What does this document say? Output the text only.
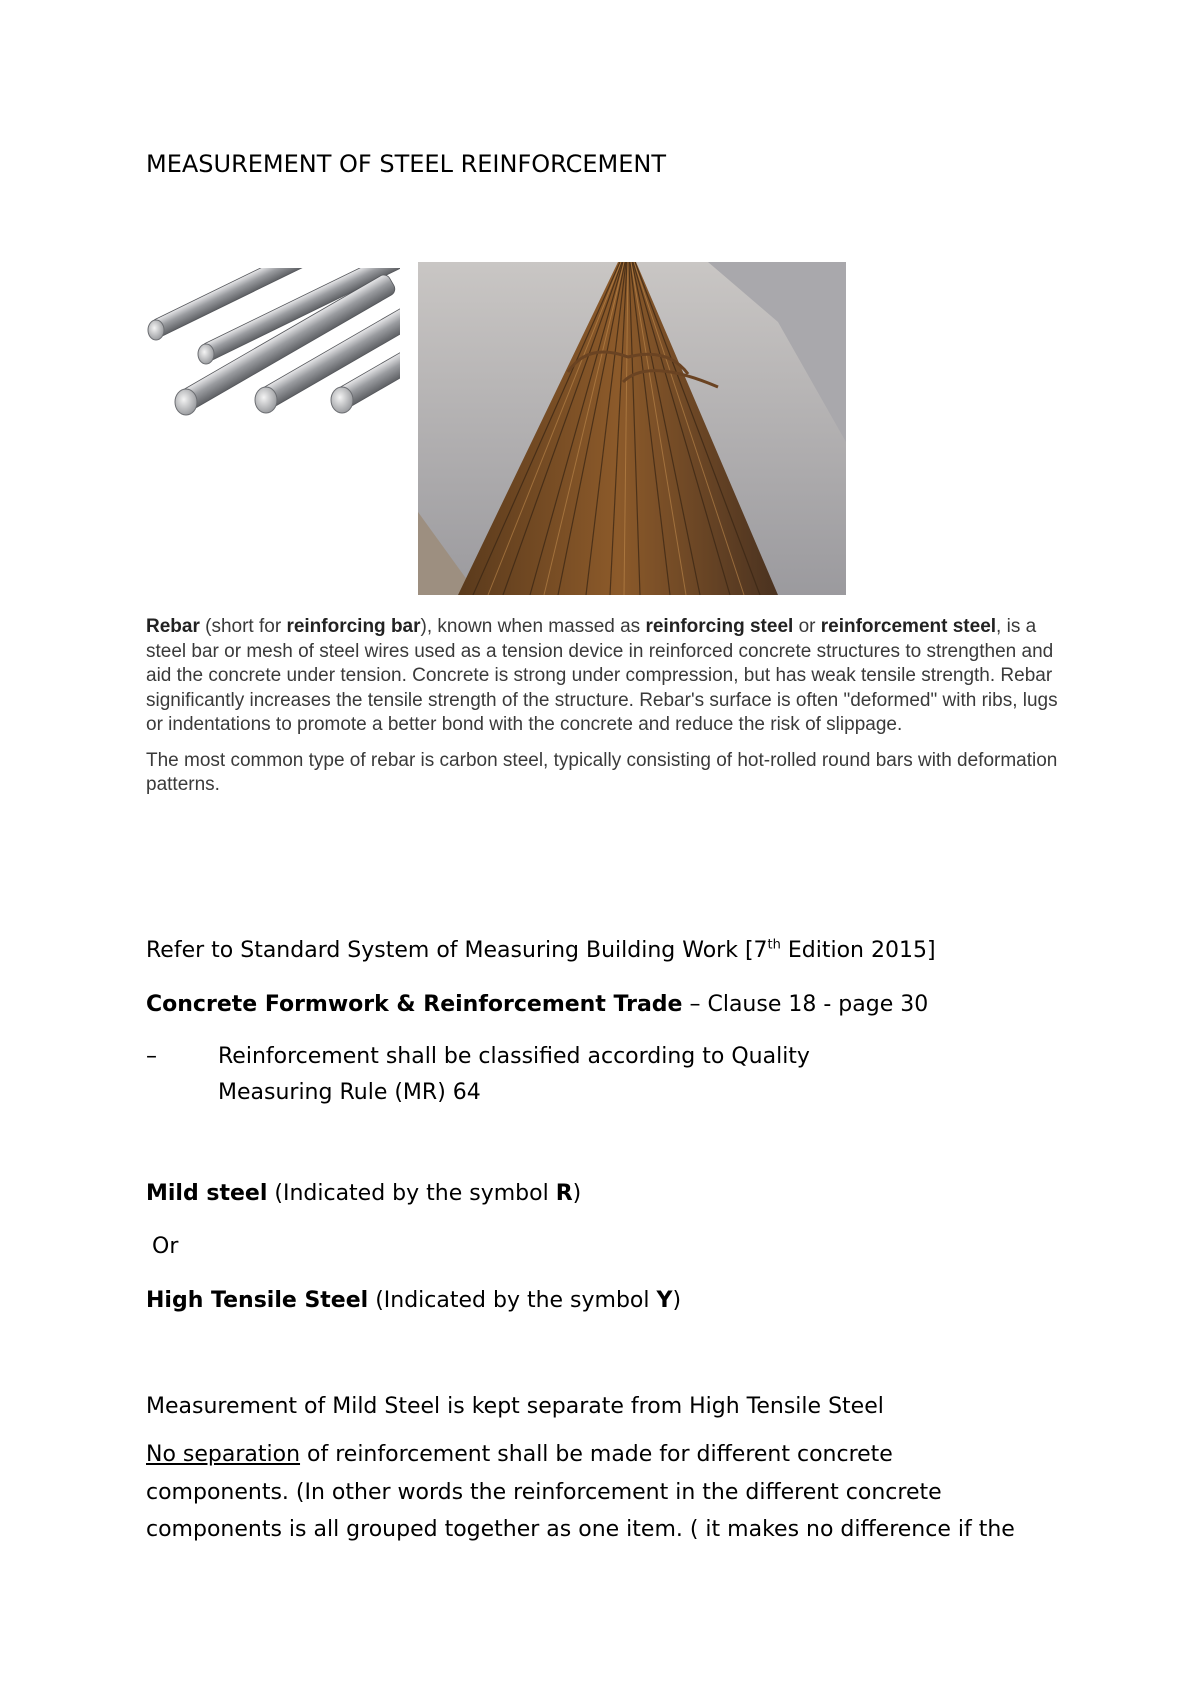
MEASUREMENT OF STEEL REINFORCEMENT

Rebar (short for reinforcing bar), known when massed as reinforcing steel or reinforcement steel, is a steel bar or mesh of steel wires used as a tension device in reinforced concrete structures to strengthen and aid the concrete under tension. Concrete is strong under compression, but has weak tensile strength. Rebar significantly increases the tensile strength of the structure. Rebar's surface is often "deformed" with ribs, lugs or indentations to promote a better bond with the concrete and reduce the risk of slippage.

The most common type of rebar is carbon steel, typically consisting of hot-rolled round bars with deformation patterns.

Refer to Standard System of Measuring Building Work [7th Edition 2015]
Concrete Formwork & Reinforcement Trade – Clause 18 - page 30
–	Reinforcement shall be classified according to Quality
Measuring Rule (MR) 64
Mild steel (Indicated by the symbol R)
Or
High Tensile Steel (Indicated by the symbol Y)
Measurement of Mild Steel is kept separate from High Tensile Steel
No separation of reinforcement shall be made for different concrete
components. (In other words the reinforcement in the different concrete
components is all grouped together as one item. ( it makes no difference if the
